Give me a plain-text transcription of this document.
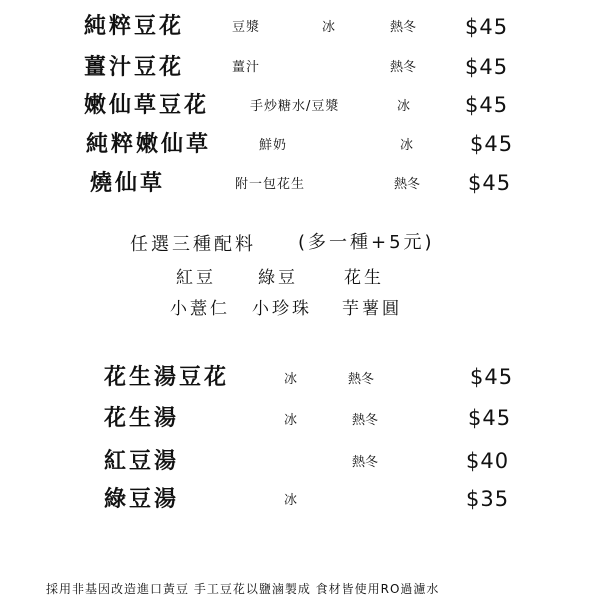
純粹豆花	豆漿	冰	熱冬 $45
薑汁豆花	薑汁	熱冬 $45
嫩仙草豆花	手炒糖水/豆漿	冰	$45
純粹嫩仙草	鮮奶	冰	$45
燒仙草	附一包花生	熱冬 $45
任選三種配料 (多一種+5元)
紅豆 綠豆	花生
小薏仁 小珍珠 芋薯圓
花生湯豆花	冰	熱冬	$45
花生湯	冰	熱冬	$45
紅豆湯	熱冬	$40
綠豆湯	冰	$35
採用非基因改造進口黃豆 手工豆花以鹽滷製成 食材皆使用RO過濾水
